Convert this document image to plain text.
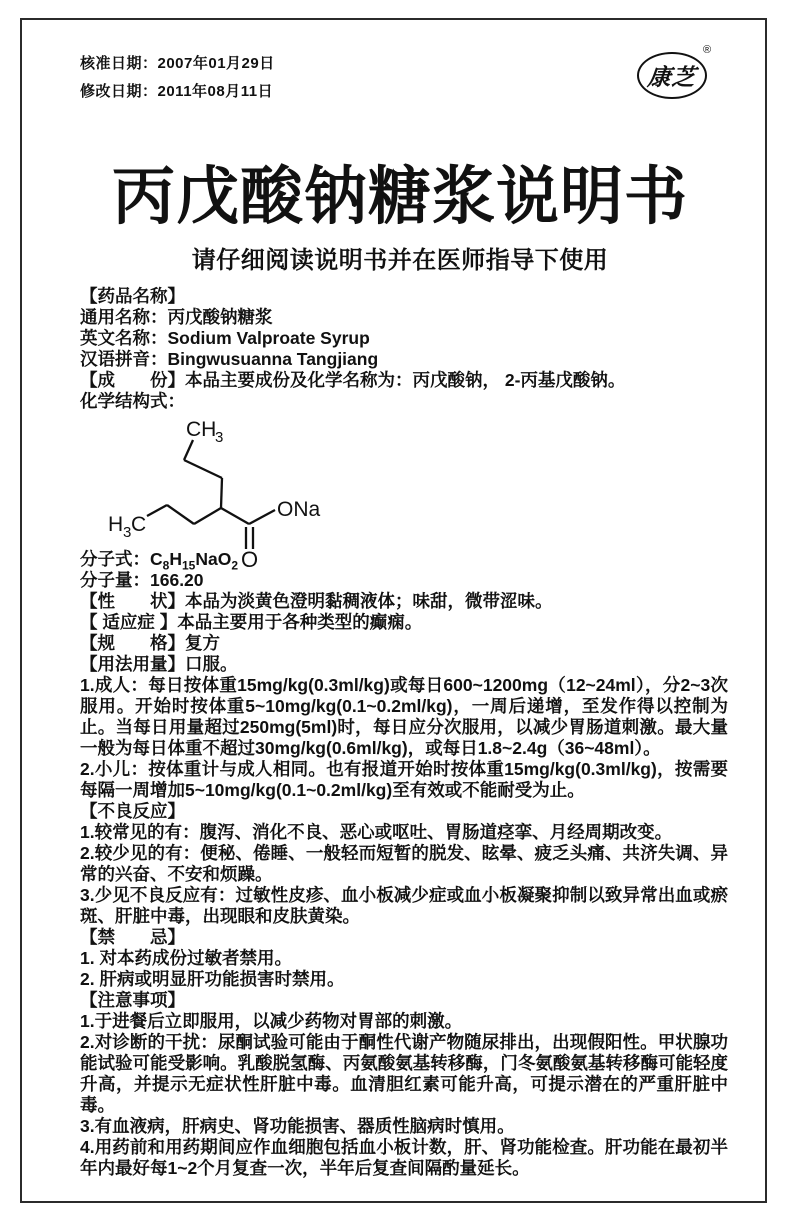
核准日期：2007年01月29日

修改日期：2011年08月11日

康芝
®
丙戊酸钠糖浆说明书
请仔细阅读说明书并在医师指导下使用

【药品名称】

通用名称：丙戊酸钠糖浆

英文名称：Sodium Valproate Syrup

汉语拼音：Bingwusuanna Tangjiang

【成　　份】本品主要成份及化学名称为：丙戊酸钠， 2-丙基戊酸钠。

化学结构式：

CH
3
H 3 C
O
ONa

分子式：$C_8H_{15}NaO_2$

分子量：166.20

【性　　状】本品为淡黄色澄明黏稠液体；味甜，微带涩味。

【 适应症 】本品主要用于各种类型的癫痫。

【规　　格】复方

【用法用量】口服。

1.成人：每日按体重15mg/kg(0.3ml/kg)或每日600~1200mg（12~24ml），分2~3次服用。开始时按体重5~10mg/kg(0.1~0.2ml/kg)，一周后递增，至发作得以控制为止。当每日用量超过250mg(5ml)时，每日应分次服用，以减少胃肠道刺激。最大量一般为每日体重不超过30mg/kg(0.6ml/kg)，或每日1.8~2.4g（36~48ml）。

2.小儿：按体重计与成人相同。也有报道开始时按体重15mg/kg(0.3ml/kg)，按需要每隔一周增加5~10mg/kg(0.1~0.2ml/kg)至有效或不能耐受为止。

【不良反应】

1.较常见的有：腹泻、消化不良、恶心或呕吐、胃肠道痉挛、月经周期改变。

2.较少见的有：便秘、倦睡、一般轻而短暂的脱发、眩晕、疲乏头痛、共济失调、异常的兴奋、不安和烦躁。

3.少见不良反应有：过敏性皮疹、血小板减少症或血小板凝聚抑制以致异常出血或瘀斑、肝脏中毒，出现眼和皮肤黄染。

【禁　　忌】

1. 对本药成份过敏者禁用。

2. 肝病或明显肝功能损害时禁用。

【注意事项】

1.于进餐后立即服用，以减少药物对胃部的刺激。

2.对诊断的干扰：尿酮试验可能由于酮性代谢产物随尿排出，出现假阳性。甲状腺功能试验可能受影响。乳酸脱氢酶、丙氨酸氨基转移酶，门冬氨酸氨基转移酶可能轻度升高，并提示无症状性肝脏中毒。血清胆红素可能升高，可提示潜在的严重肝脏中毒。

3.有血液病，肝病史、肾功能损害、器质性脑病时慎用。

4.用药前和用药期间应作血细胞包括血小板计数，肝、肾功能检查。肝功能在最初半年内最好每1~2个月复查一次，半年后复查间隔酌量延长。
